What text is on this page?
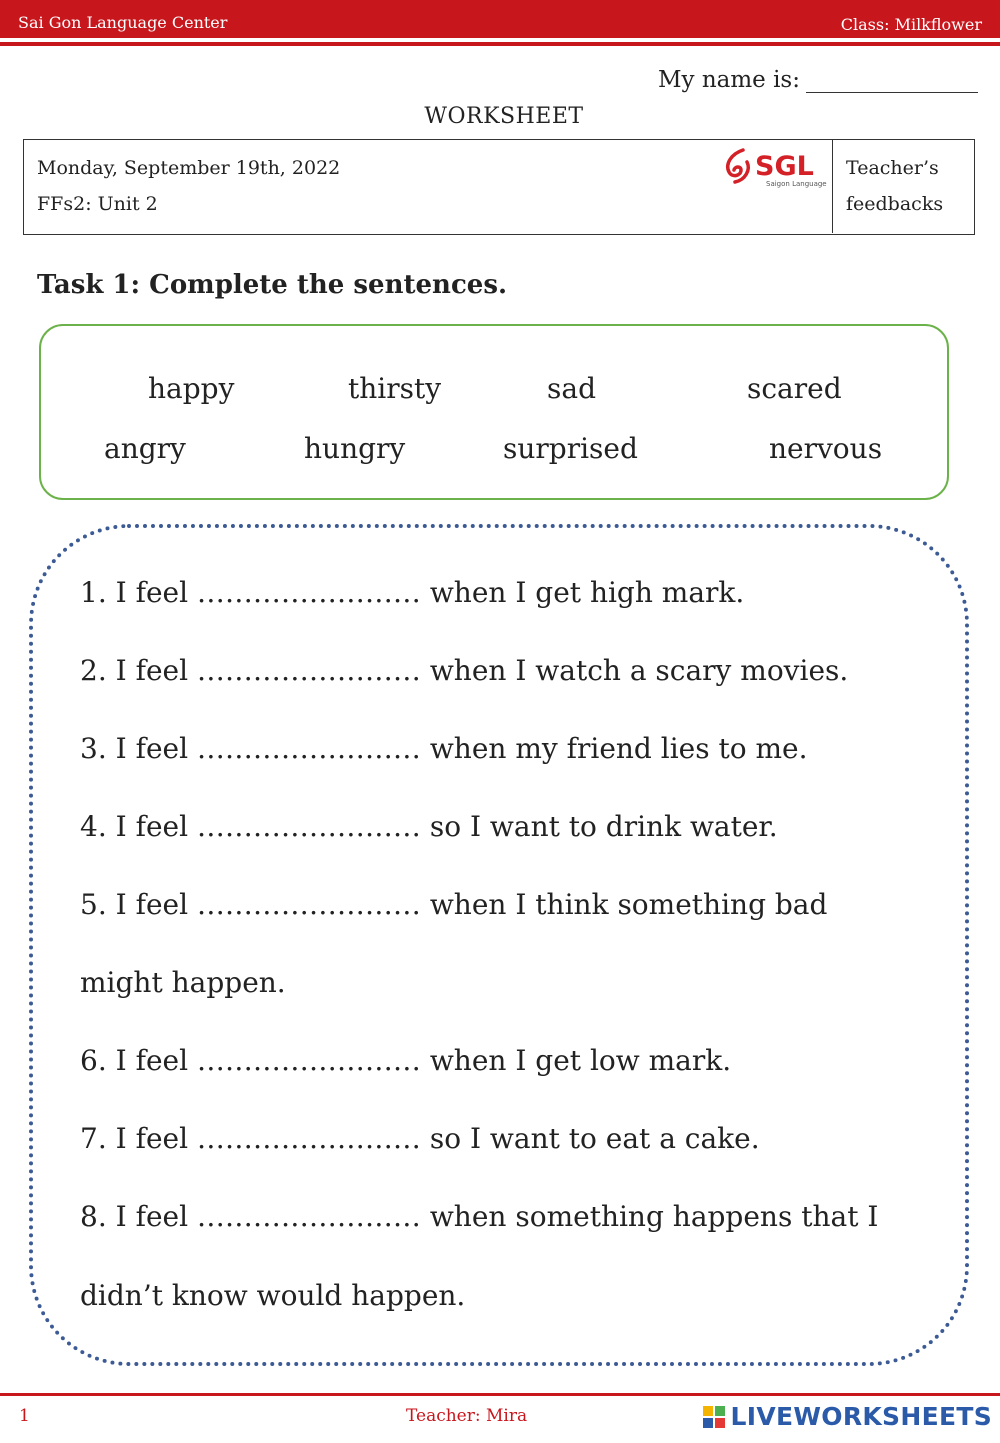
Sai Gon Language Center	Class: Milkflower
My name is:
WORKSHEET
Monday, September 19th, 2022
FFs2: Unit 2
SGL
Saigon Language
Teacher’s
feedbacks
Task 1: Complete the sentences.
happy	thirsty	sad	scared
angry	hungry	surprised	nervous
1. I feel …………………… when I get high mark.
2. I feel …………………… when I watch a scary movies.
3. I feel …………………… when my friend lies to me.
4. I feel …………………… so I want to drink water.
5. I feel …………………… when I think something bad
might happen.
6. I feel …………………… when I get low mark.
7. I feel …………………… so I want to eat a cake.
8. I feel …………………… when something happens that I
didn’t know would happen.
1	Teacher: Mira	LIVEWORKSHEETS
